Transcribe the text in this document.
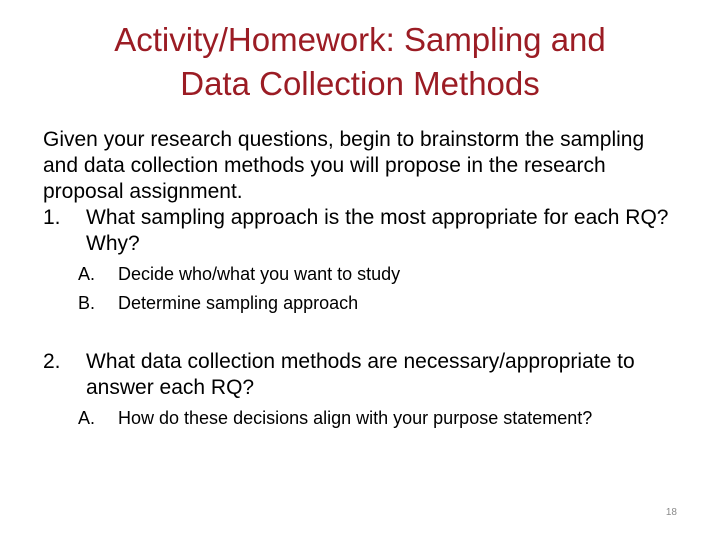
Activity/Homework: Sampling and
Data Collection Methods

Given your research questions, begin to brainstorm the sampling and data collection methods you will propose in the research proposal assignment.

1.	What sampling approach is the most appropriate for each RQ? Why?
A.	Decide who/what you want to study
B.	Determine sampling approach
2.	What data collection methods are necessary/appropriate to answer each RQ?
A.	How do these decisions align with your purpose statement?
18
